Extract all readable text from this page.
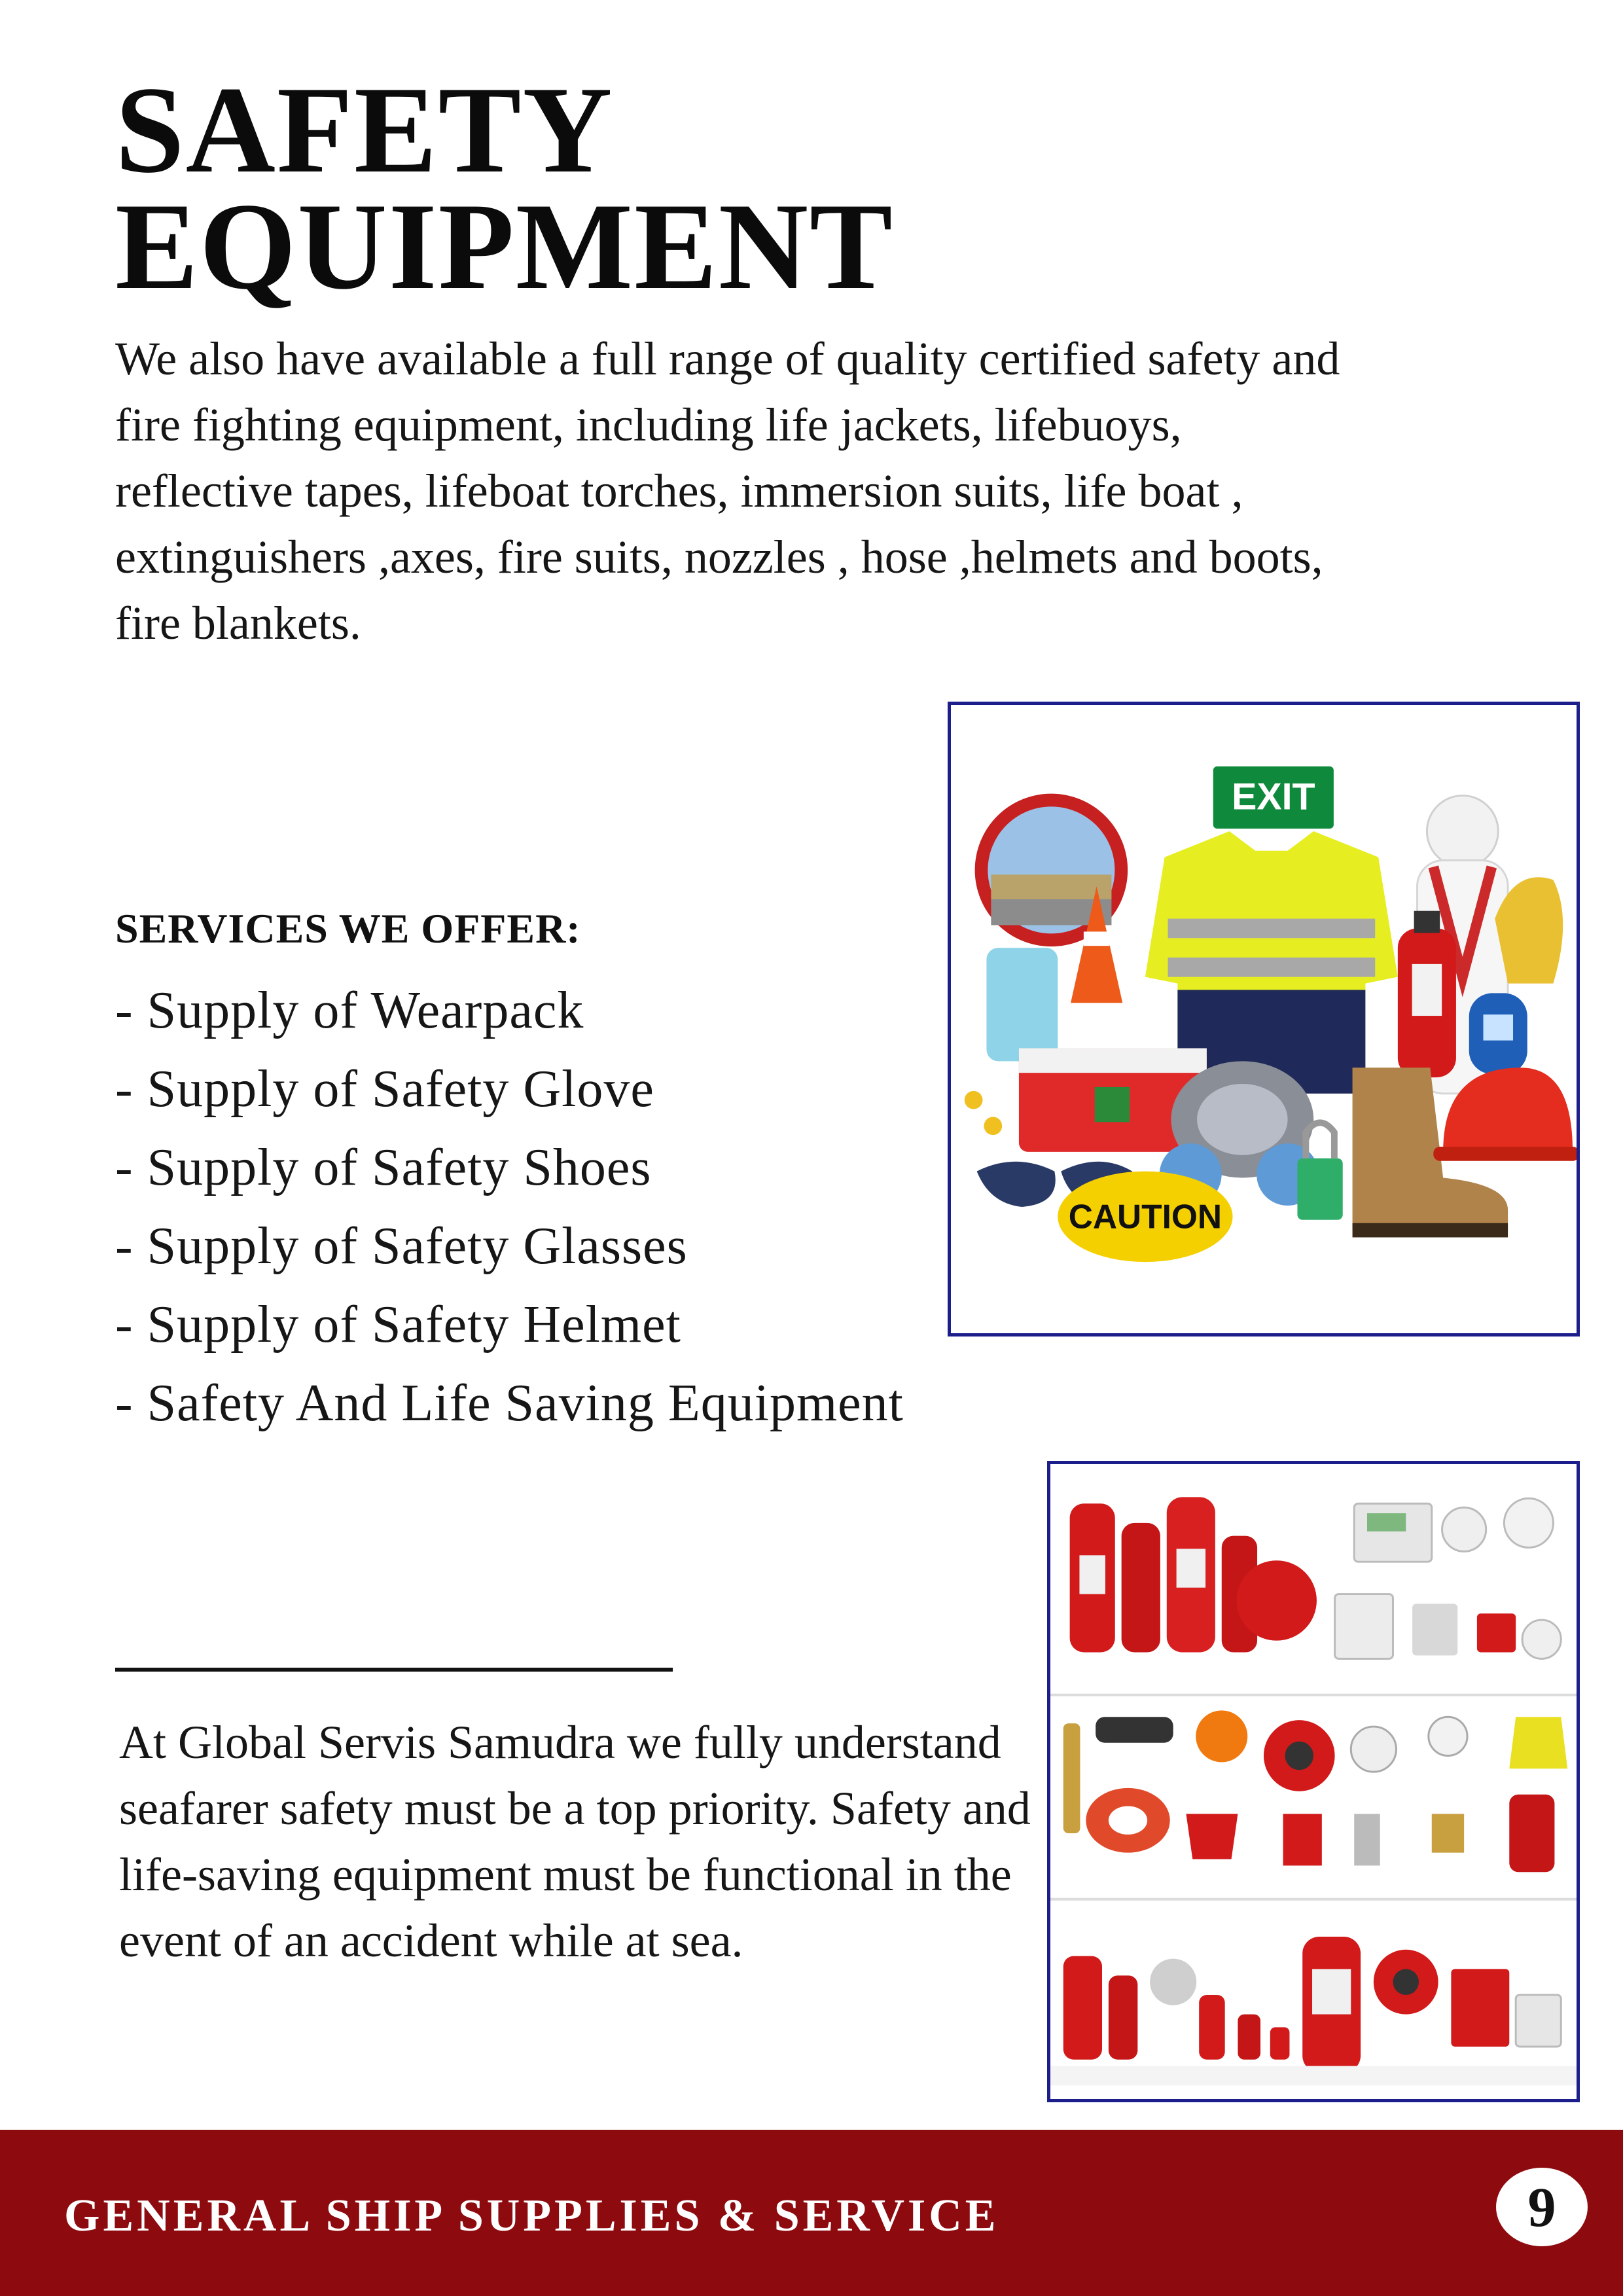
SAFETY
EQUIPMENT

We also have available a full range of quality certified safety and fire fighting equipment, including life jackets, lifebuoys, reflective tapes, lifeboat torches, immersion suits, life boat , extinguishers ,axes, fire suits, nozzles , hose ,helmets and boots, fire blankets.

SERVICES WE OFFER:
- Supply of Wearpack
- Supply of Safety Glove
- Supply of Safety Shoes
- Supply of Safety Glasses
- Supply of Safety Helmet
- Safety And Life Saving Equipment

At Global Servis Samudra we fully understand seafarer safety must be a top priority. Safety and life-saving equipment must be functional in the event of an accident while at sea.

EXIT
CAUTION

GENERAL SHIP SUPPLIES & SERVICE	9
